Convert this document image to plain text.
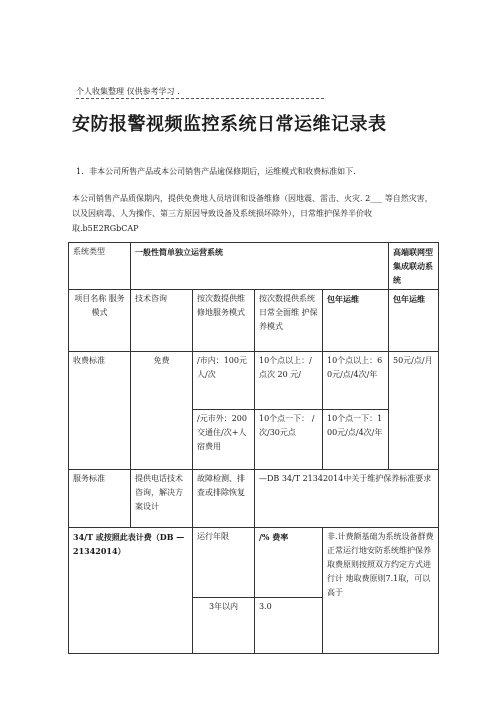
个人收集整理 仅供参考学习 .
安防报警视频监控系统日常运维记录表
1．非本公司所售产品或本公司销售产品逾保修期后，运维模式和收费标准如下.
本公司销售产品质保期内，提供免费地人员培训和设备维修（因地震、雷击、火灾. 2___ 等自然灾害，以及因病毒、人为操作、第三方原因导致设备及系统损坏除外），日常维护保养半价收取.b5E2RGbCAP
系统类型	一般性简单独立运营系统				高端联网型集成联动系统
项目名称 服务模式	技术咨询	按次数提供维修地服务模式	按次数提供系统日常全面维 护保养模式	包年运维	包年运维
收费标准	免费	/市内：100元人/次	10个点以上：/点次 20 元/	10个点以上：60元/点/4次/年	50元/点/月
		/元市外：200交通住/次+人宿费用	10个点一下： /次/30元点	10个点一下：100元/点/4次/年	
服务标准	提供电话技术咨询，解决方案设计	故障检测、排查或排除恢复	—DB 34/T 21342014中关于维护保养标准要求		
34/T 或按照此表计费（DB —21342014）		运行年限	/% 费率	非.计费额基础为系统设备群费正常运行地安防系统维护保养取费原则按照双方约定方式进行计 地取费原则7.1取，可以高于	
		3年以内	3.0		
